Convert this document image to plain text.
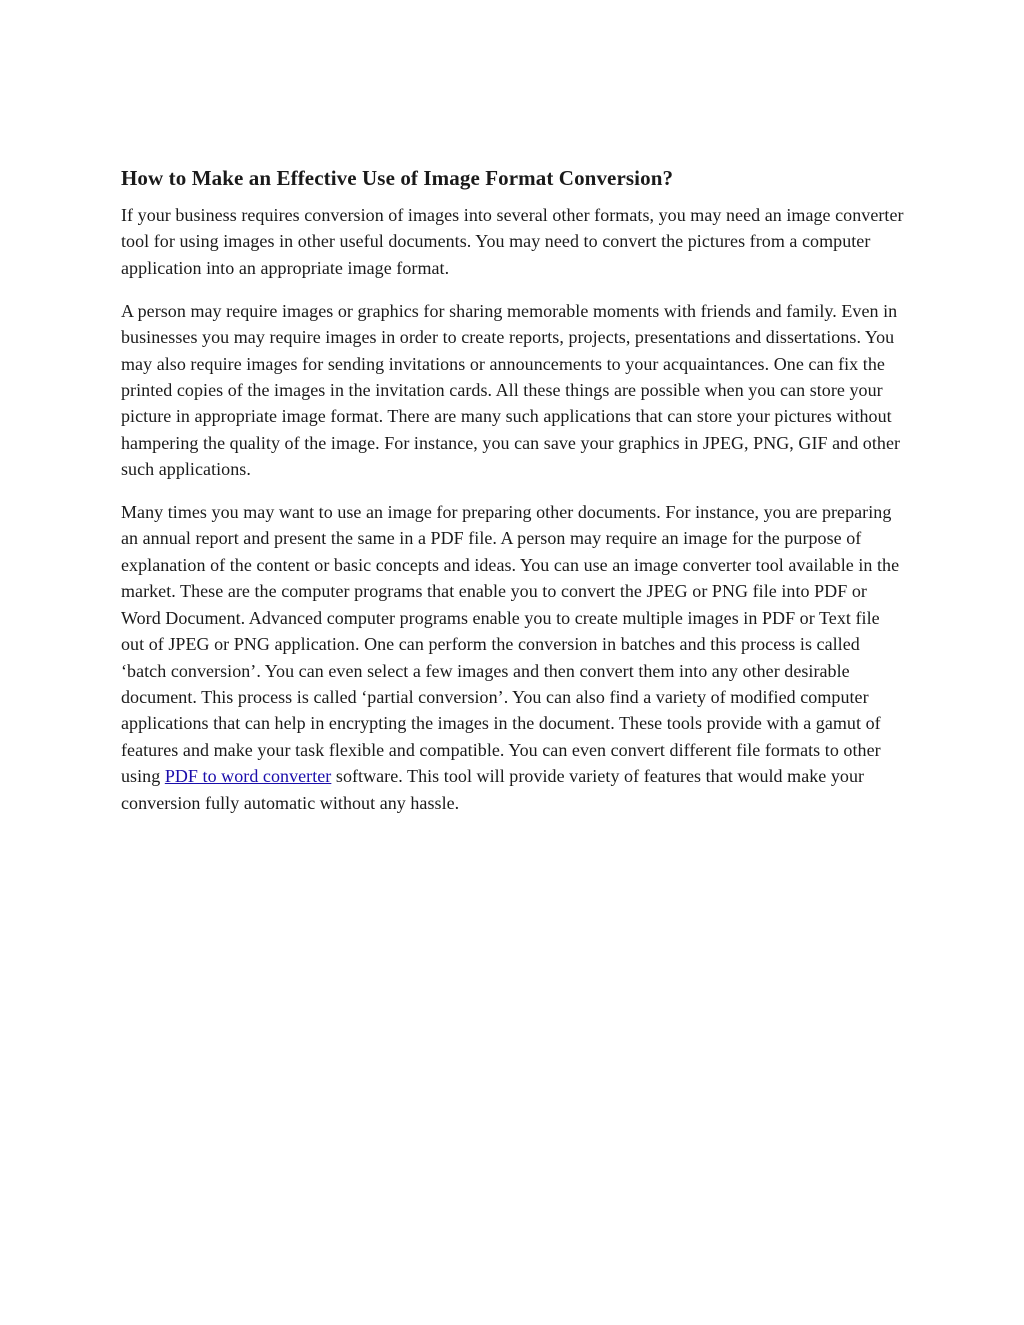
How to Make an Effective Use of Image Format Conversion?

If your business requires conversion of images into several other formats, you may need an image converter tool for using images in other useful documents. You may need to convert the pictures from a computer application into an appropriate image format.

A person may require images or graphics for sharing memorable moments with friends and family. Even in businesses you may require images in order to create reports, projects, presentations and dissertations. You may also require images for sending invitations or announcements to your acquaintances. One can fix the printed copies of the images in the invitation cards. All these things are possible when you can store your picture in appropriate image format. There are many such applications that can store your pictures without hampering the quality of the image. For instance, you can save your graphics in JPEG, PNG, GIF and other such applications.

Many times you may want to use an image for preparing other documents. For instance, you are preparing an annual report and present the same in a PDF file. A person may require an image for the purpose of explanation of the content or basic concepts and ideas. You can use an image converter tool available in the market. These are the computer programs that enable you to convert the JPEG or PNG file into PDF or Word Document. Advanced computer programs enable you to create multiple images in PDF or Text file out of JPEG or PNG application. One can perform the conversion in batches and this process is called ‘batch conversion’. You can even select a few images and then convert them into any other desirable document. This process is called ‘partial conversion’. You can also find a variety of modified computer applications that can help in encrypting the images in the document. These tools provide with a gamut of features and make your task flexible and compatible. You can even convert different file formats to other using PDF to word converter software. This tool will provide variety of features that would make your conversion fully automatic without any hassle.
